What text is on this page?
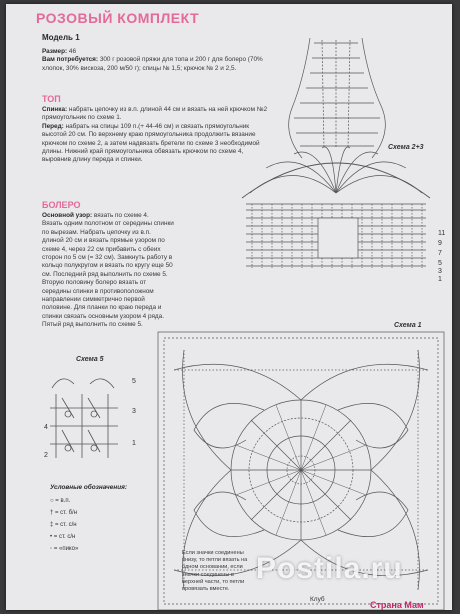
РОЗОВЫЙ КОМПЛЕКТ
Модель 1
Размер: 46
Вам потребуется: 300 г розовой пряжи для топа и 200 г для болеро (70% хлопок, 30% вискоза, 200 м/50 г); спицы № 1,5; крючок № 2 и 2,5.
ТОП
Спинка: набрать цепочку из в.п. длиной 44 см и вязать на ней крючком №2 прямоугольник по схеме 1.
Перед: набрать на спицы 109 п.(+ 44-46 см) и связать прямоугольник высотой 20 см. По верхнему краю прямоугольника продолжить вязание крючком по схеме 2, а затем надвязать бретели по схеме 3 необходимой длины. Нижний край прямоугольника обвязать крючком по схеме 4, выровнив длину переда и спинки.
БОЛЕРО
Основной узор: вязать по схеме 4.
Вязать одним полотном от середины спинки по вырезам. Набрать цепочку из в.п. длиной 20 см и вязать прямые узором по схеме 4, через 22 см прибавить с обеих сторон по 5 см (= 32 см). Замкнуть работу в кольцо полукругом и вязать по кругу еще 50 см. Последний ряд выполнить по схеме 5. Вторую половину болеро вязать от середины спинки в противоположном направлении симметрично первой половине. Для планки по краю переда и спинки связать основным узором 4 ряда. Пятый ряд выполнить по схеме 5.
Схема 2+3
11
9
7
5
3
1
Схема 1
Схема 5
5
3
1
2
4
Условные обозначения:
○ = в.п.
† = ст. б/н
‡ = ст. с/н
• = ст. с/н
◦ = «пико»
Если значки соединены внизу, то петли вязать на одном основании, если значки соединены в верхней части, то петли провязать вместе.
Клуб
Postila.ru
Страна Мам
